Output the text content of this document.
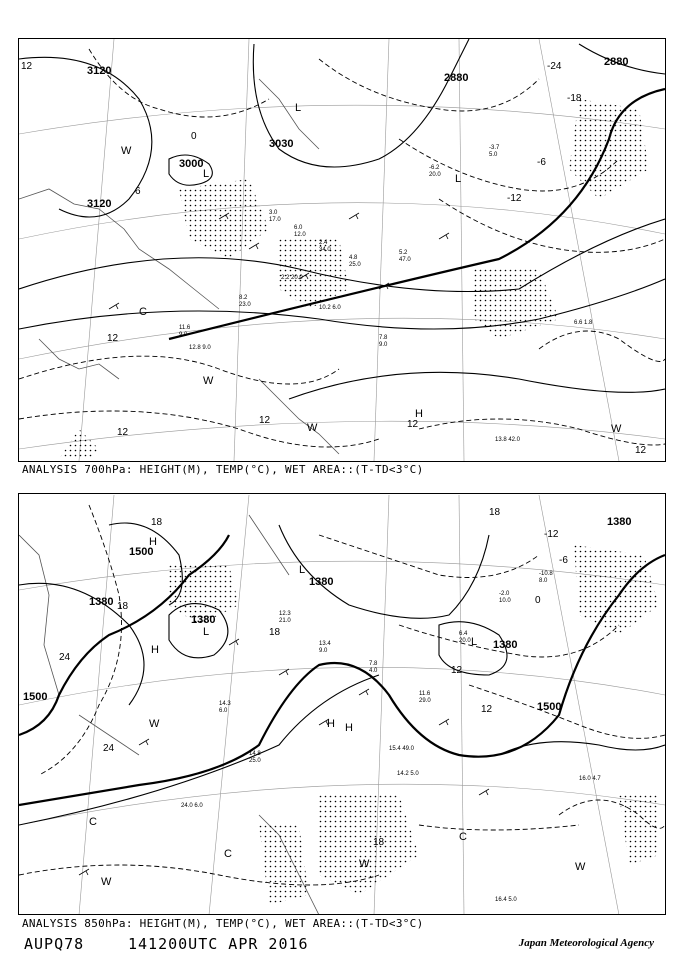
3.0
17.0
6.0
12.0
2.4
34.0
4.8
25.0
8.2
23.0
7.8
9.0
5.2
47.0
-6.2
20.0
11.6
9.0
-3.7
5.0
13.8 42.0
2.2 20.0
10.2 6.0
12.8 9.0
6.6 1.8
3120
3000
3030
2880
2880
3120
12
6
0
-6
-12
-18
-24
12
12
12	12
12
L
L	L
H
C
W
W
W	W
ANALYSIS 700hPa: HEIGHT(M), TEMP(°C), WET AREA::(T-TD<3°C)
12.3
21.0
13.4
9.0
7.8
4.0
11.6
29.0
14.3
6.0
14.8
25.0
6.4
20.0
-2.0
10.0
-10.8
8.0
16.4 5.0
15.4 49.0
14.2 5.0
24.0 6.0
16.0 4.7
1500
1380
1380
1380
1500
1500
1380
1380
18
18
18
24
24
18
12
0
-6
-12
12
18
H
H
L
L
L
H H
C
C
W
W
W	W
C
ANALYSIS 850hPa: HEIGHT(M), TEMP(°C), WET AREA::(T-TD<3°C)
AUPQ78	141200UTC APR 2016	Japan Meteorological Agency
